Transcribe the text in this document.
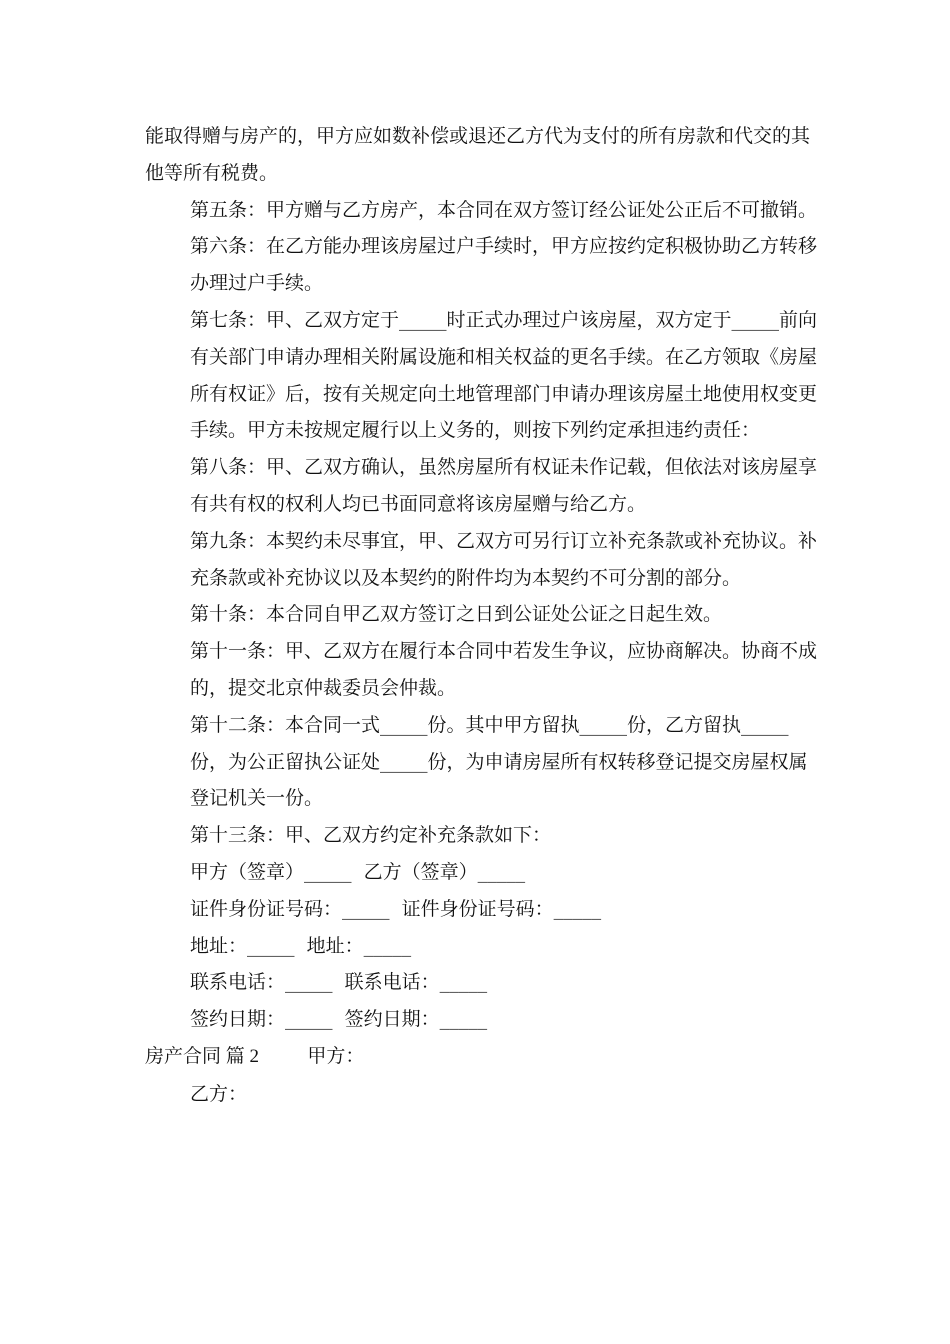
能取得赠与房产的，甲方应如数补偿或退还乙方代为支付的所有房款和代交的其他等所有税费。

第五条：甲方赠与乙方房产，本合同在双方签订经公证处公正后不可撤销。

第六条：在乙方能办理该房屋过户手续时，甲方应按约定积极协助乙方转移办理过户手续。

第七条：甲、乙双方定于_____时正式办理过户该房屋，双方定于_____前向有关部门申请办理相关附属设施和相关权益的更名手续。在乙方领取《房屋所有权证》后，按有关规定向土地管理部门申请办理该房屋土地使用权变更手续。甲方未按规定履行以上义务的，则按下列约定承担违约责任：

第八条：甲、乙双方确认，虽然房屋所有权证未作记载，但依法对该房屋享有共有权的权利人均已书面同意将该房屋赠与给乙方。

第九条：本契约未尽事宜，甲、乙双方可另行订立补充条款或补充协议。补充条款或补充协议以及本契约的附件均为本契约不可分割的部分。

第十条：本合同自甲乙双方签订之日到公证处公证之日起生效。

第十一条：甲、乙双方在履行本合同中若发生争议，应协商解决。协商不成的，提交北京仲裁委员会仲裁。

第十二条：本合同一式_____份。其中甲方留执_____份，乙方留执_____份，为公正留执公证处_____份，为申请房屋所有权转移登记提交房屋权属登记机关一份。

第十三条：甲、乙双方约定补充条款如下：

甲方（签章）_____  乙方（签章）_____

证件身份证号码：_____  证件身份证号码：_____

地址：_____  地址：_____

联系电话：_____  联系电话：_____

签约日期：_____  签约日期：_____

房产合同 篇 2	甲方：

乙方：
